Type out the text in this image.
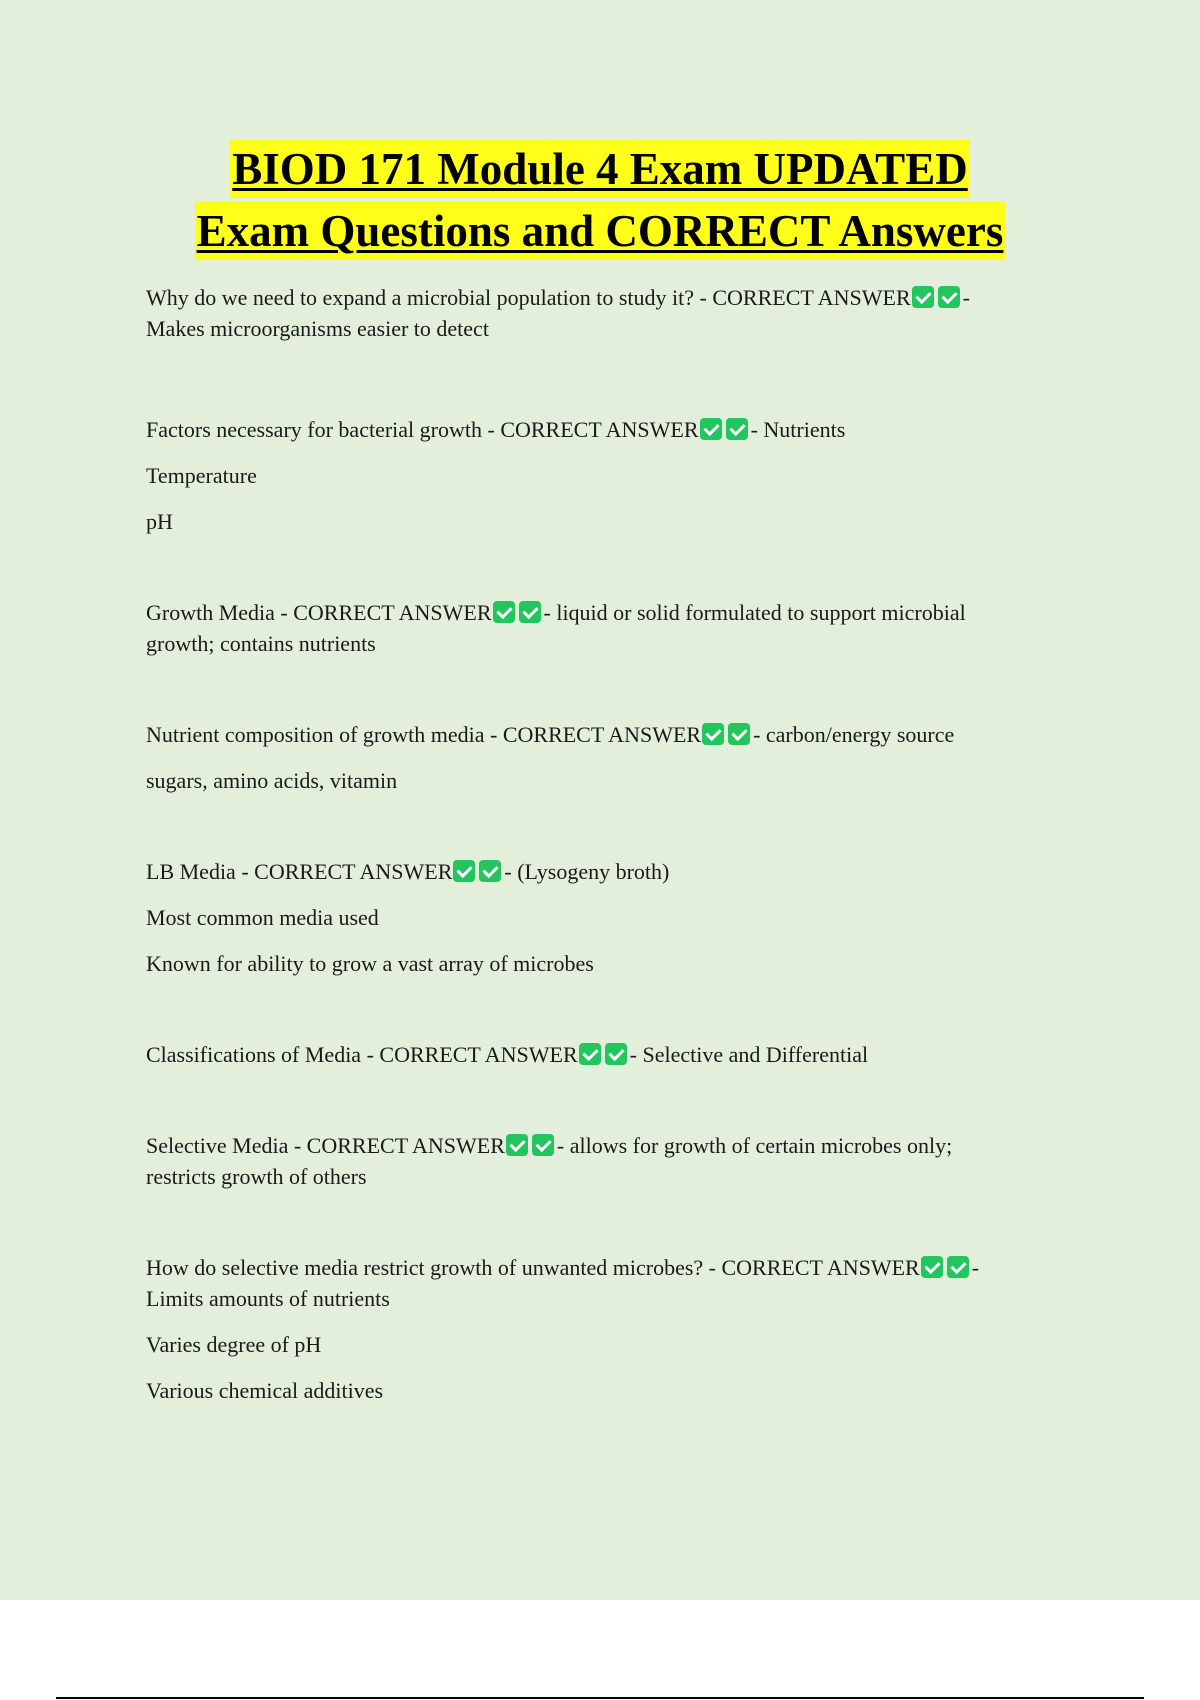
BIOD 171 Module 4 Exam UPDATED
Exam Questions and CORRECT Answers

Why do we need to expand a microbial population to study it? - CORRECT ANSWER -

Makes microorganisms easier to detect

Factors necessary for bacterial growth - CORRECT ANSWER - Nutrients

Temperature

pH

Growth Media - CORRECT ANSWER - liquid or solid formulated to support microbial

growth; contains nutrients

Nutrient composition of growth media - CORRECT ANSWER - carbon/energy source

sugars, amino acids, vitamin

LB Media - CORRECT ANSWER - (Lysogeny broth)

Most common media used

Known for ability to grow a vast array of microbes

Classifications of Media - CORRECT ANSWER - Selective and Differential

Selective Media - CORRECT ANSWER - allows for growth of certain microbes only;

restricts growth of others

How do selective media restrict growth of unwanted microbes? - CORRECT ANSWER -

Limits amounts of nutrients

Varies degree of pH

Various chemical additives
